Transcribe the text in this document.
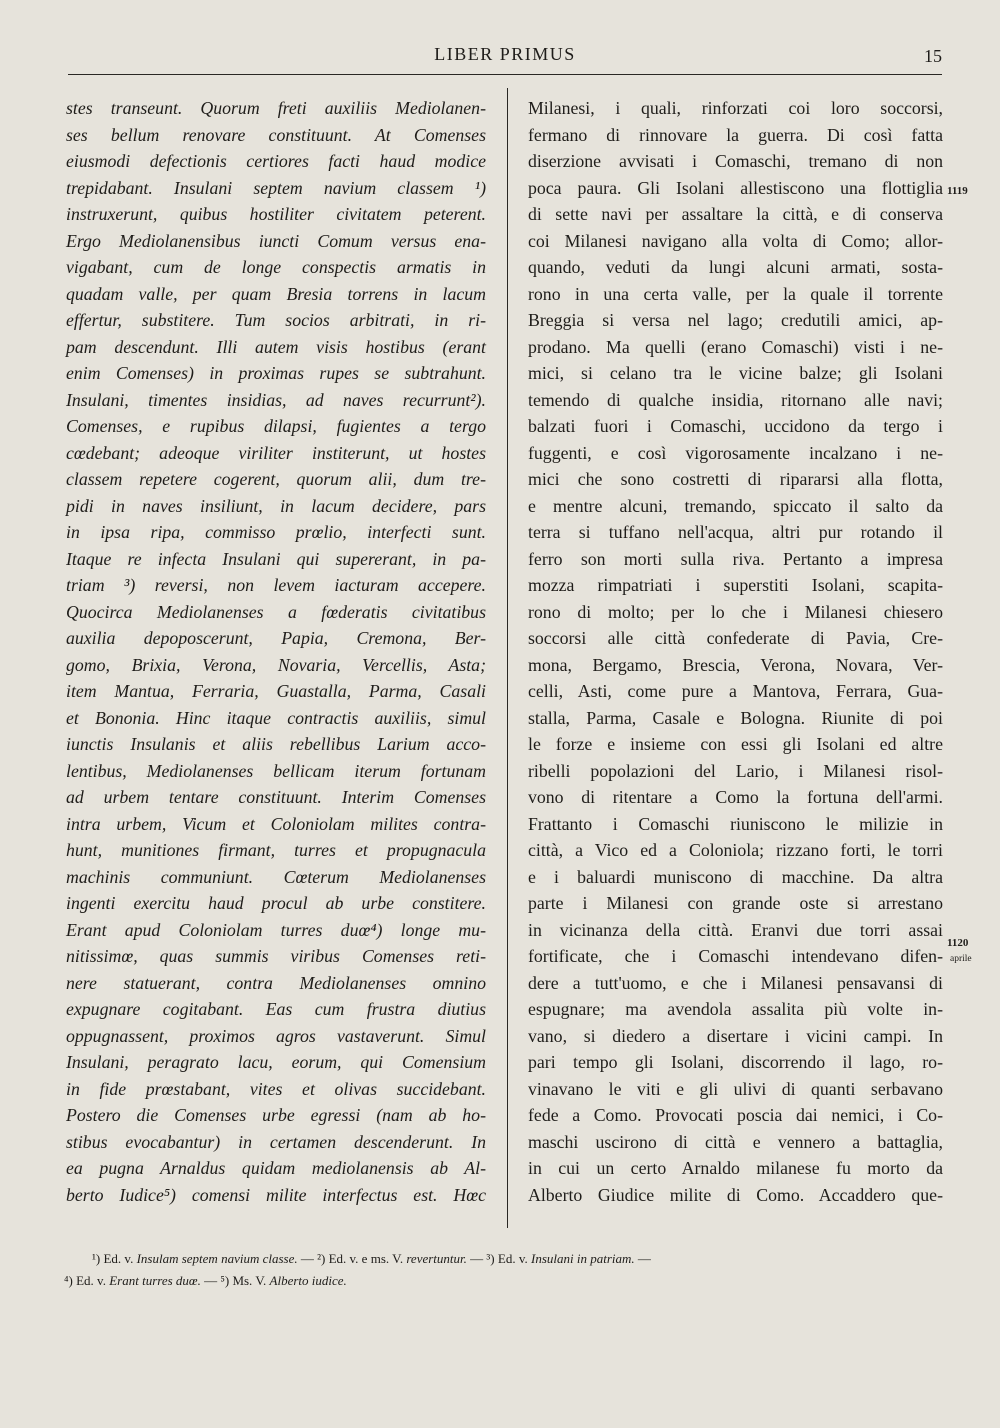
LIBER PRIMUS	15
stes transeunt. Quorum freti auxiliis Mediolanen-
ses bellum renovare constituunt. At Comenses
eiusmodi defectionis certiores facti haud modice
trepidabant. Insulani septem navium classem ¹)
instruxerunt, quibus hostiliter civitatem peterent.
Ergo Mediolanensibus iuncti Comum versus ena-
vigabant, cum de longe conspectis armatis in
quadam valle, per quam Bresia torrens in lacum
effertur, substitere. Tum socios arbitrati, in ri-
pam descendunt. Illi autem visis hostibus (erant
enim Comenses) in proximas rupes se subtrahunt.
Insulani, timentes insidias, ad naves recurrunt²).
Comenses, e rupibus dilapsi, fugientes a tergo
cœdebant; adeoque viriliter institerunt, ut hostes
classem repetere cogerent, quorum alii, dum tre-
pidi in naves insiliunt, in lacum decidere, pars
in ipsa ripa, commisso prœlio, interfecti sunt.
Itaque re infecta Insulani qui supererant, in pa-
triam ³) reversi, non levem iacturam accepere.
Quocirca Mediolanenses a fœderatis civitatibus
auxilia depoposcerunt, Papia, Cremona, Ber-
gomo, Brixia, Verona, Novaria, Vercellis, Asta;
item Mantua, Ferraria, Guastalla, Parma, Casali
et Bononia. Hinc itaque contractis auxiliis, simul
iunctis Insulanis et aliis rebellibus Larium acco-
lentibus, Mediolanenses bellicam iterum fortunam
ad urbem tentare constituunt. Interim Comenses
intra urbem, Vicum et Coloniolam milites contra-
hunt, munitiones firmant, turres et propugnacula
machinis communiunt. Cœterum Mediolanenses
ingenti exercitu haud procul ab urbe constitere.
Erant apud Coloniolam turres duœ⁴) longe mu-
nitissimœ, quas summis viribus Comenses reti-
nere statuerant, contra Mediolanenses omnino
expugnare cogitabant. Eas cum frustra diutius
oppugnassent, proximos agros vastaverunt. Simul
Insulani, peragrato lacu, eorum, qui Comensium
in fide prœstabant, vites et olivas succidebant.
Postero die Comenses urbe egressi (nam ab ho-
stibus evocabantur) in certamen descenderunt. In
ea pugna Arnaldus quidam mediolanensis ab Al-
berto Iudice⁵) comensi milite interfectus est. Hœc
Milanesi, i quali, rinforzati coi loro soccorsi,
fermano di rinnovare la guerra. Di così fatta
diserzione avvisati i Comaschi, tremano di non
poca paura. Gli Isolani allestiscono una flottiglia
di sette navi per assaltare la città, e di conserva
coi Milanesi navigano alla volta di Como; allor-
quando, veduti da lungi alcuni armati, sosta-
rono in una certa valle, per la quale il torrente
Breggia si versa nel lago; credutili amici, ap-
prodano. Ma quelli (erano Comaschi) visti i ne-
mici, si celano tra le vicine balze; gli Isolani
temendo di qualche insidia, ritornano alle navi;
balzati fuori i Comaschi, uccidono da tergo i
fuggenti, e così vigorosamente incalzano i ne-
mici che sono costretti di ripararsi alla flotta,
e mentre alcuni, tremando, spiccato il salto da
terra si tuffano nell'acqua, altri pur rotando il
ferro son morti sulla riva. Pertanto a impresa
mozza rimpatriati i superstiti Isolani, scapita-
rono di molto; per lo che i Milanesi chiesero
soccorsi alle città confederate di Pavia, Cre-
mona, Bergamo, Brescia, Verona, Novara, Ver-
celli, Asti, come pure a Mantova, Ferrara, Gua-
stalla, Parma, Casale e Bologna. Riunite di poi
le forze e insieme con essi gli Isolani ed altre
ribelli popolazioni del Lario, i Milanesi risol-
vono di ritentare a Como la fortuna dell'armi.
Frattanto i Comaschi riuniscono le milizie in
città, a Vico ed a Coloniola; rizzano forti, le torri
e i baluardi muniscono di macchine. Da altra
parte i Milanesi con grande oste si arrestano
in vicinanza della città. Eranvi due torri assai
fortificate, che i Comaschi intendevano difen-
dere a tutt'uomo, e che i Milanesi pensavansi di
espugnare; ma avendola assalita più volte in-
vano, si diedero a disertare i vicini campi. In
pari tempo gli Isolani, discorrendo il lago, ro-
vinavano le viti e gli ulivi di quanti serbavano
fede a Como. Provocati poscia dai nemici, i Co-
maschi uscirono di città e vennero a battaglia,
in cui un certo Arnaldo milanese fu morto da
Alberto Giudice milite di Como. Accaddero que-
1119
1120
aprile
¹) Ed. v. Insulam septem navium classe. — ²) Ed. v. e ms. V. revertuntur. — ³) Ed. v. Insulani in patriam. —
⁴) Ed. v. Erant turres duœ. — ⁵) Ms. V. Alberto iudice.
